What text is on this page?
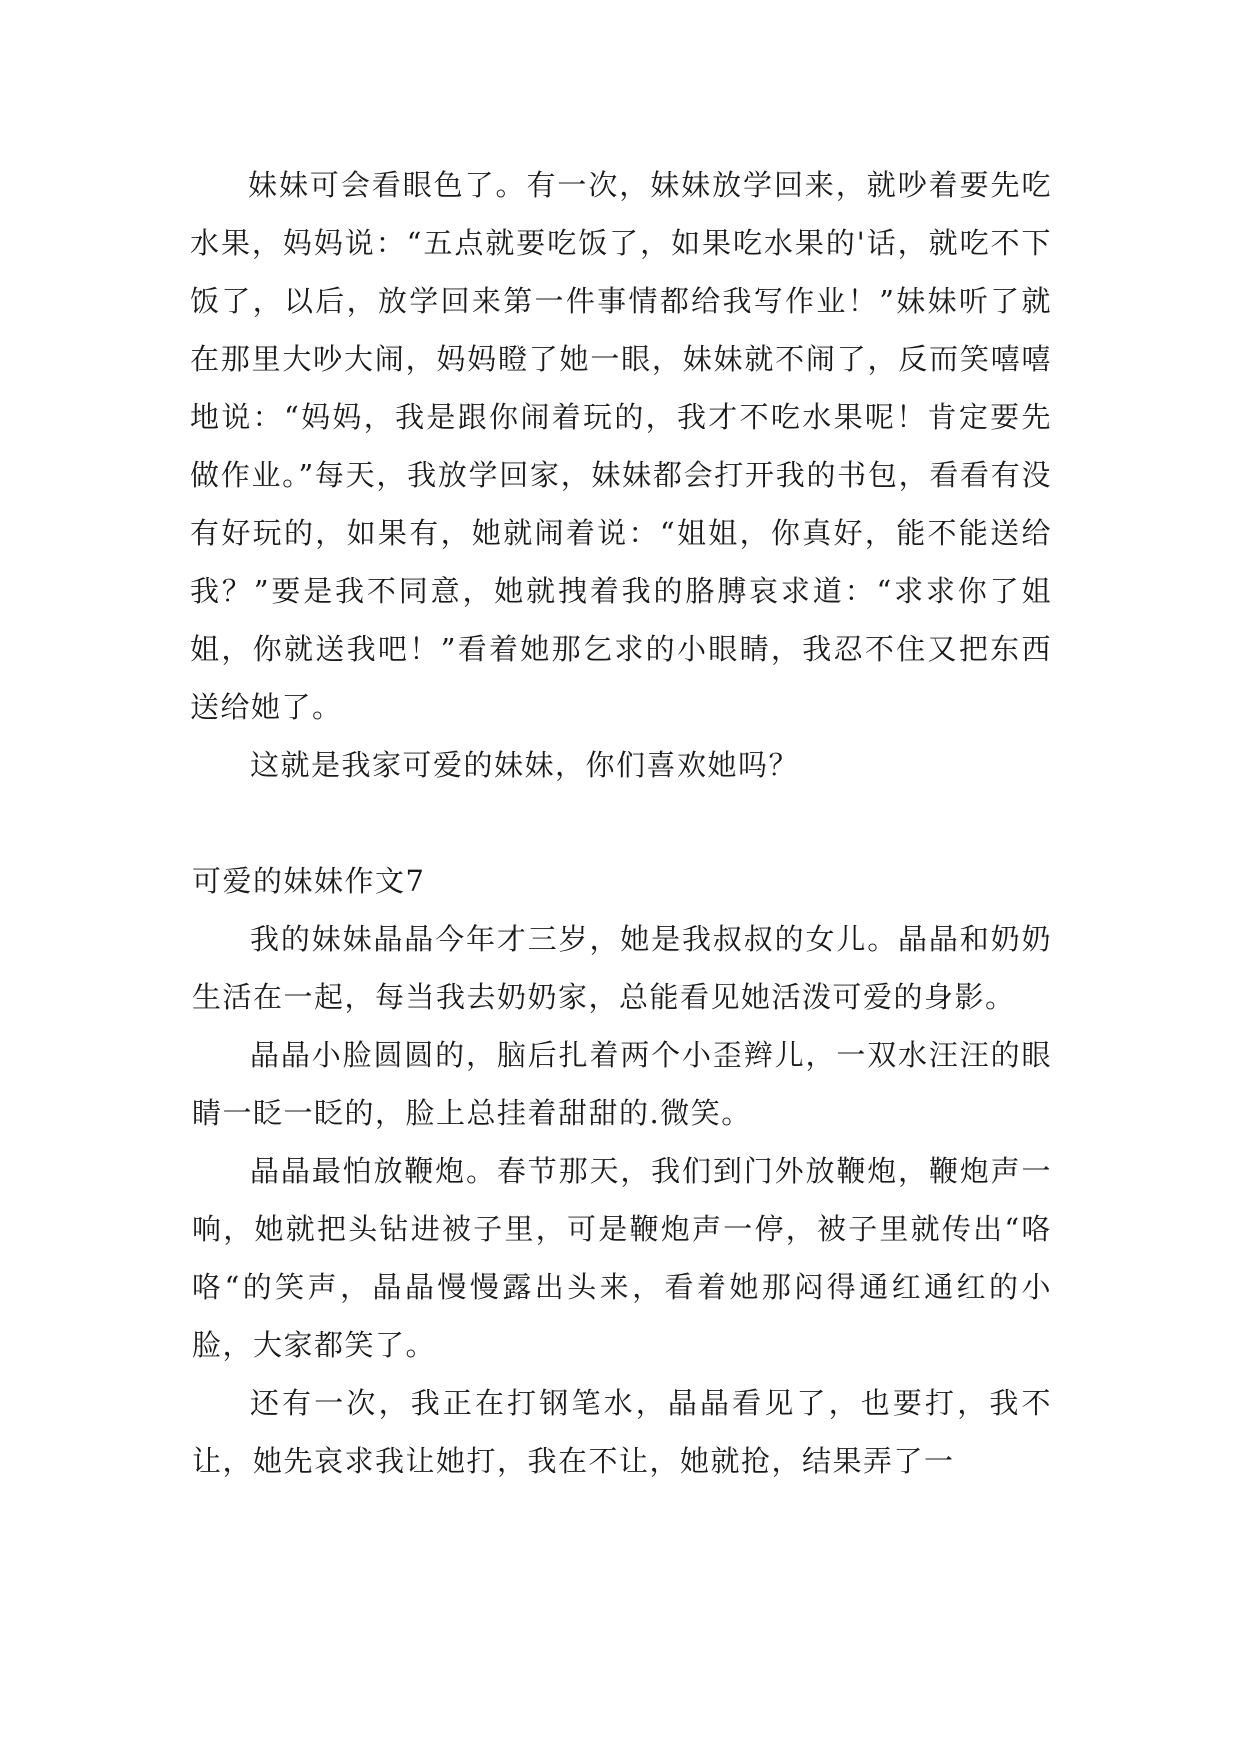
妹妹可会看眼色了。有一次，妹妹放学回来，就吵着要先吃水果，妈妈说：“五点就要吃饭了，如果吃水果的'话，就吃不下饭了，以后，放学回来第一件事情都给我写作业！”妹妹听了就在那里大吵大闹，妈妈瞪了她一眼，妹妹就不闹了，反而笑嘻嘻地说：“妈妈，我是跟你闹着玩的，我才不吃水果呢！肯定要先做作业。”每天，我放学回家，妹妹都会打开我的书包，看看有没有好玩的，如果有，她就闹着说：“姐姐，你真好，能不能送给我？”要是我不同意，她就拽着我的胳膊哀求道：“求求你了姐姐，你就送我吧！”看着她那乞求的小眼睛，我忍不住又把东西送给她了。

这就是我家可爱的妹妹，你们喜欢她吗？

可爱的妹妹作文7

我的妹妹晶晶今年才三岁，她是我叔叔的女儿。晶晶和奶奶生活在一起，每当我去奶奶家，总能看见她活泼可爱的身影。

晶晶小脸圆圆的，脑后扎着两个小歪辫儿，一双水汪汪的眼睛一眨一眨的，脸上总挂着甜甜的.微笑。

晶晶最怕放鞭炮。春节那天，我们到门外放鞭炮，鞭炮声一响，她就把头钻进被子里，可是鞭炮声一停，被子里就传出“咯咯“的笑声，晶晶慢慢露出头来，看着她那闷得通红通红的小脸，大家都笑了。

还有一次，我正在打钢笔水，晶晶看见了，也要打，我不让，她先哀求我让她打，我在不让，她就抢，结果弄了一
